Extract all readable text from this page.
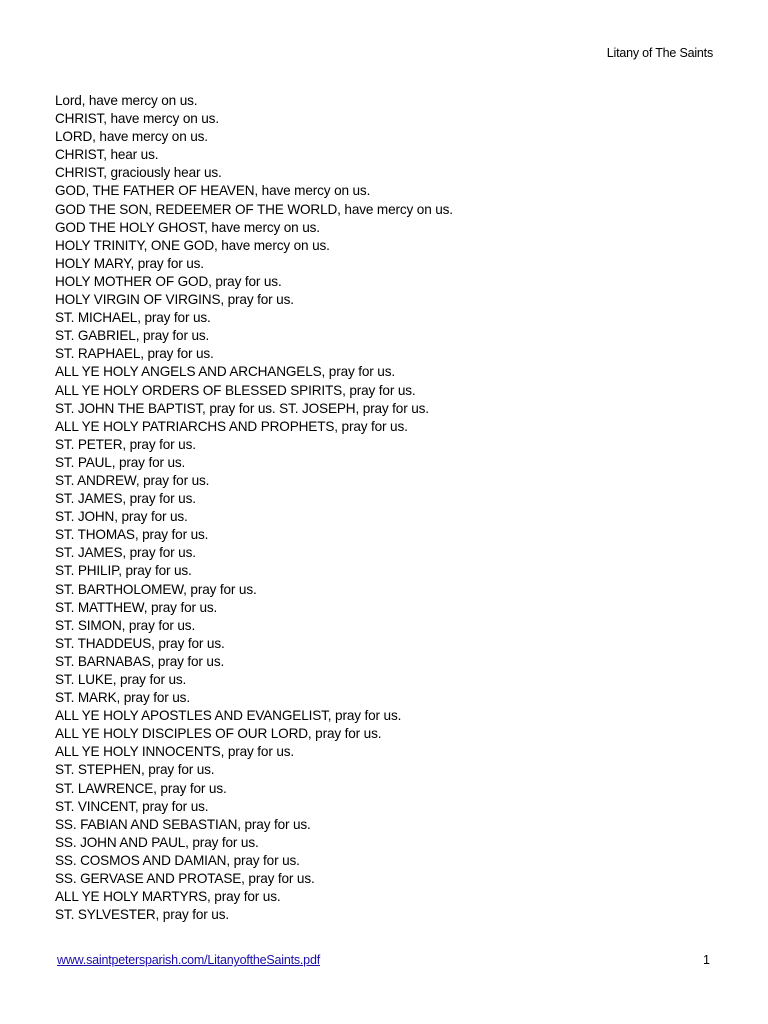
Litany of The Saints
Lord, have mercy on us.
CHRIST, have mercy on us.
LORD, have mercy on us.
CHRIST, hear us.
CHRIST, graciously hear us.
GOD, THE FATHER OF HEAVEN, have mercy on us.
GOD THE SON, REDEEMER OF THE WORLD, have mercy on us.
GOD THE HOLY GHOST, have mercy on us.
HOLY TRINITY, ONE GOD, have mercy on us.
HOLY MARY, pray for us.
HOLY MOTHER OF GOD, pray for us.
HOLY VIRGIN OF VIRGINS, pray for us.
ST. MICHAEL, pray for us.
ST. GABRIEL, pray for us.
ST. RAPHAEL, pray for us.
ALL YE HOLY ANGELS AND ARCHANGELS, pray for us.
ALL YE HOLY ORDERS OF BLESSED SPIRITS, pray for us.
ST. JOHN THE BAPTIST, pray for us. ST. JOSEPH, pray for us.
ALL YE HOLY PATRIARCHS AND PROPHETS, pray for us.
ST. PETER, pray for us.
ST. PAUL, pray for us.
ST. ANDREW, pray for us.
ST. JAMES, pray for us.
ST. JOHN, pray for us.
ST. THOMAS, pray for us.
ST. JAMES, pray for us.
ST. PHILIP, pray for us.
ST. BARTHOLOMEW, pray for us.
ST. MATTHEW, pray for us.
ST. SIMON, pray for us.
ST. THADDEUS, pray for us.
ST. BARNABAS, pray for us.
ST. LUKE, pray for us.
ST. MARK, pray for us.
ALL YE HOLY APOSTLES AND EVANGELIST, pray for us.
ALL YE HOLY DISCIPLES OF OUR LORD, pray for us.
ALL YE HOLY INNOCENTS, pray for us.
ST. STEPHEN, pray for us.
ST. LAWRENCE, pray for us.
ST. VINCENT, pray for us.
SS. FABIAN AND SEBASTIAN, pray for us.
SS. JOHN AND PAUL, pray for us.
SS. COSMOS AND DAMIAN, pray for us.
SS. GERVASE AND PROTASE, pray for us.
ALL YE HOLY MARTYRS, pray for us.
ST. SYLVESTER, pray for us.
www.saintpetersparish.com/LitanyoftheSaints.pdf	1
